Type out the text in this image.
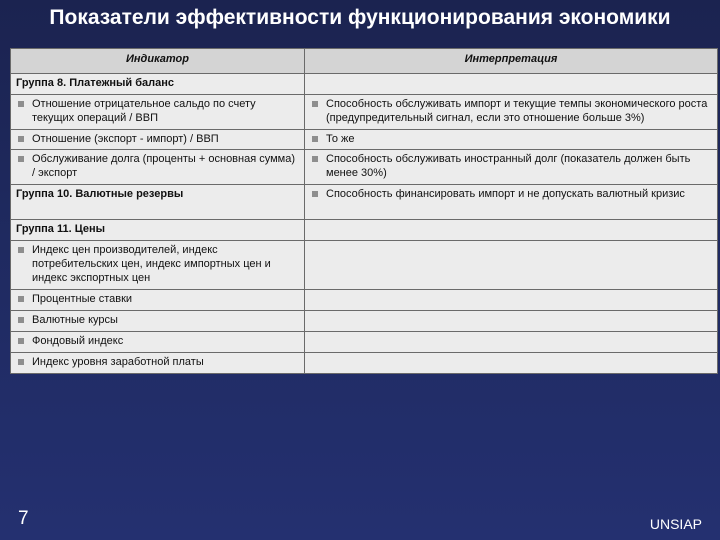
Показатели эффективности функционирования экономики
Индикатор	Интерпретация
Группа 8. Платежный баланс	

Отношение отрицательное сальдо по счету текущих операций / ВВП	Способность обслуживать импорт и текущие темпы экономического роста (предупредительный сигнал, если это отношение больше 3%)

Отношение (экспорт - импорт) / ВВП	То же

Обслуживание долга (проценты + основная сумма) / экспорт	Способность обслуживать иностранный долг (показатель должен быть менее 30%)

Группа 10. Валютные резервы	Способность финансировать импорт и не допускать валютный кризис

Группа 11. Цены	

Индекс цен производителей, индекс потребительских цен, индекс импортных цен и индекс экспортных цен	

Процентные ставки	

Валютные курсы	

Фондовый индекс	

Индекс уровня заработной платы	

7	UNSIAP
